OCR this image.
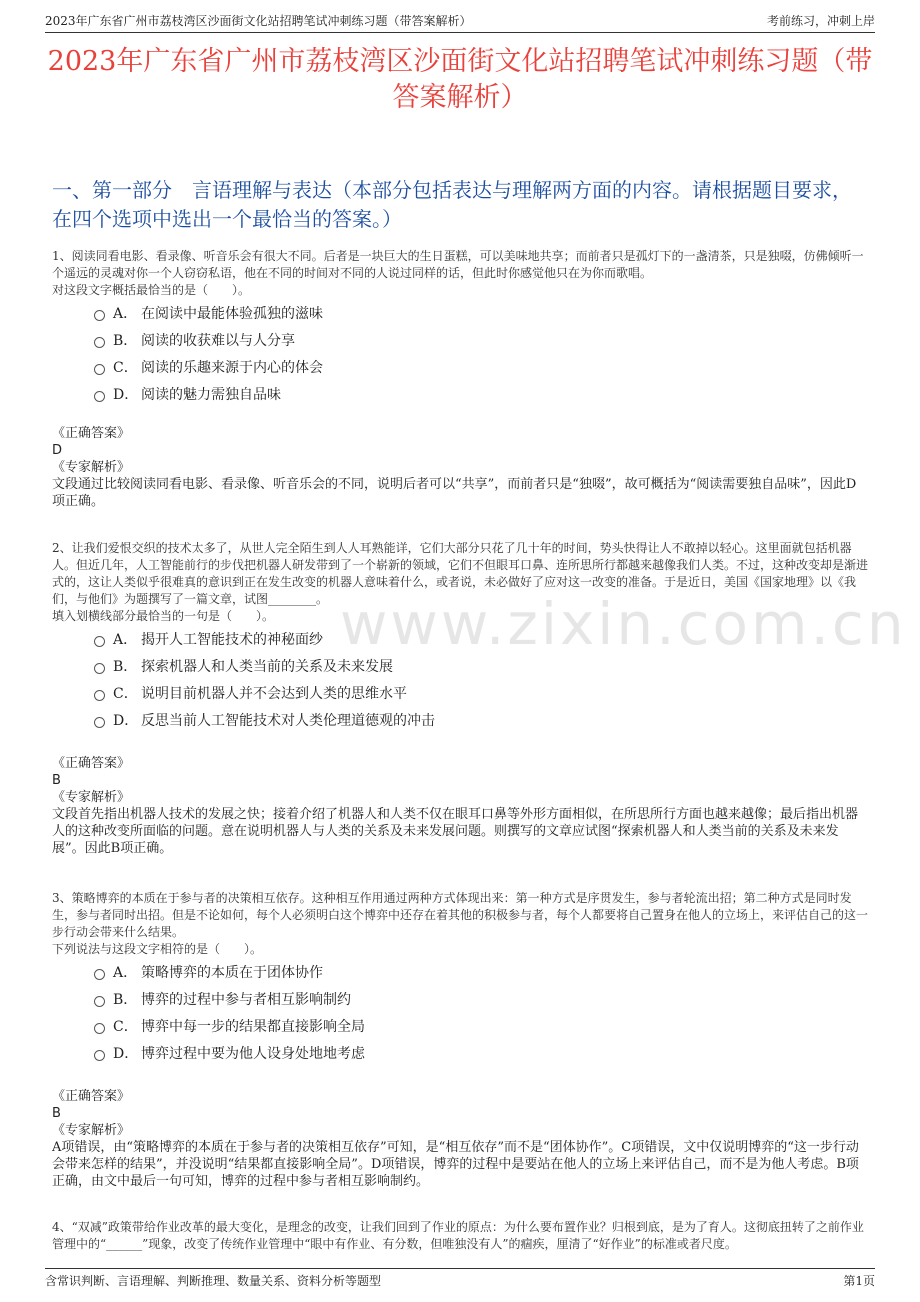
2023年广东省广州市荔枝湾区沙面街文化站招聘笔试冲刺练习题（带答案解析）	考前练习，冲刺上岸
2023年广东省广州市荔枝湾区沙面街文化站招聘笔试冲刺练习题（带答案解析）
一、第一部分　言语理解与表达（本部分包括表达与理解两方面的内容。请根据题目要求，在四个选项中选出一个最恰当的答案。）
www.zixin.com.cn

1、阅读同看电影、看录像、听音乐会有很大不同。后者是一块巨大的生日蛋糕，可以美味地共享；而前者只是孤灯下的一盏清茶，只是独啜，仿佛倾听一个遥远的灵魂对你一个人窃窃私语，他在不同的时间对不同的人说过同样的话，但此时你感觉他只在为你而歌唱。

对这段文字概括最恰当的是（　　）。

A． 在阅读中最能体验孤独的滋味
B． 阅读的收获难以与人分享
C． 阅读的乐趣来源于内心的体会
D． 阅读的魅力需独自品味

《正确答案》

D

《专家解析》

文段通过比较阅读同看电影、看录像、听音乐会的不同，说明后者可以“共享”，而前者只是“独啜”，故可概括为“阅读需要独自品味”，因此D项正确。

2、让我们爱恨交织的技术太多了，从世人完全陌生到人人耳熟能详，它们大部分只花了几十年的时间，势头快得让人不敢掉以轻心。这里面就包括机器人。但近几年，人工智能前行的步伐把机器人研发带到了一个崭新的领域，它们不但眼耳口鼻、连所思所行都越来越像我们人类。不过，这种改变却是渐进式的，这让人类似乎很难真的意识到正在发生改变的机器人意味着什么，或者说，未必做好了应对这一改变的准备。于是近日，美国《国家地理》以《我们，与他们》为题撰写了一篇文章，试图________。

填入划横线部分最恰当的一句是（　　）。

A． 揭开人工智能技术的神秘面纱
B． 探索机器人和人类当前的关系及未来发展
C． 说明目前机器人并不会达到人类的思维水平
D． 反思当前人工智能技术对人类伦理道德观的冲击

《正确答案》

B

《专家解析》

文段首先指出机器人技术的发展之快；接着介绍了机器人和人类不仅在眼耳口鼻等外形方面相似，在所思所行方面也越来越像；最后指出机器人的这种改变所面临的问题。意在说明机器人与人类的关系及未来发展问题。则撰写的文章应试图“探索机器人和人类当前的关系及未来发展”。因此B项正确。

3、策略博弈的本质在于参与者的决策相互依存。这种相互作用通过两种方式体现出来：第一种方式是序贯发生，参与者轮流出招；第二种方式是同时发生，参与者同时出招。但是不论如何，每个人必须明白这个博弈中还存在着其他的积极参与者，每个人都要将自己置身在他人的立场上，来评估自己的这一步行动会带来什么结果。

下列说法与这段文字相符的是（　　）。

A． 策略博弈的本质在于团体协作
B． 博弈的过程中参与者相互影响制约
C． 博弈中每一步的结果都直接影响全局
D． 博弈过程中要为他人设身处地地考虑

《正确答案》

B

《专家解析》

A项错误，由“策略博弈的本质在于参与者的决策相互依存”可知，是“相互依存”而不是“团体协作”。C项错误，文中仅说明博弈的“这一步行动会带来怎样的结果”，并没说明“结果都直接影响全局”。D项错误，博弈的过程中是要站在他人的立场上来评估自己，而不是为他人考虑。B项正确，由文中最后一句可知，博弈的过程中参与者相互影响制约。

4、“双减”政策带给作业改革的最大变化，是理念的改变，让我们回到了作业的原点：为什么要布置作业？归根到底，是为了育人。这彻底扭转了之前作业管理中的“______”现象，改变了传统作业管理中“眼中有作业、有分数，但唯独没有人”的痼疾，厘清了“好作业”的标准或者尺度。

含常识判断、言语理解、判断推理、数量关系、资料分析等题型	第1页
